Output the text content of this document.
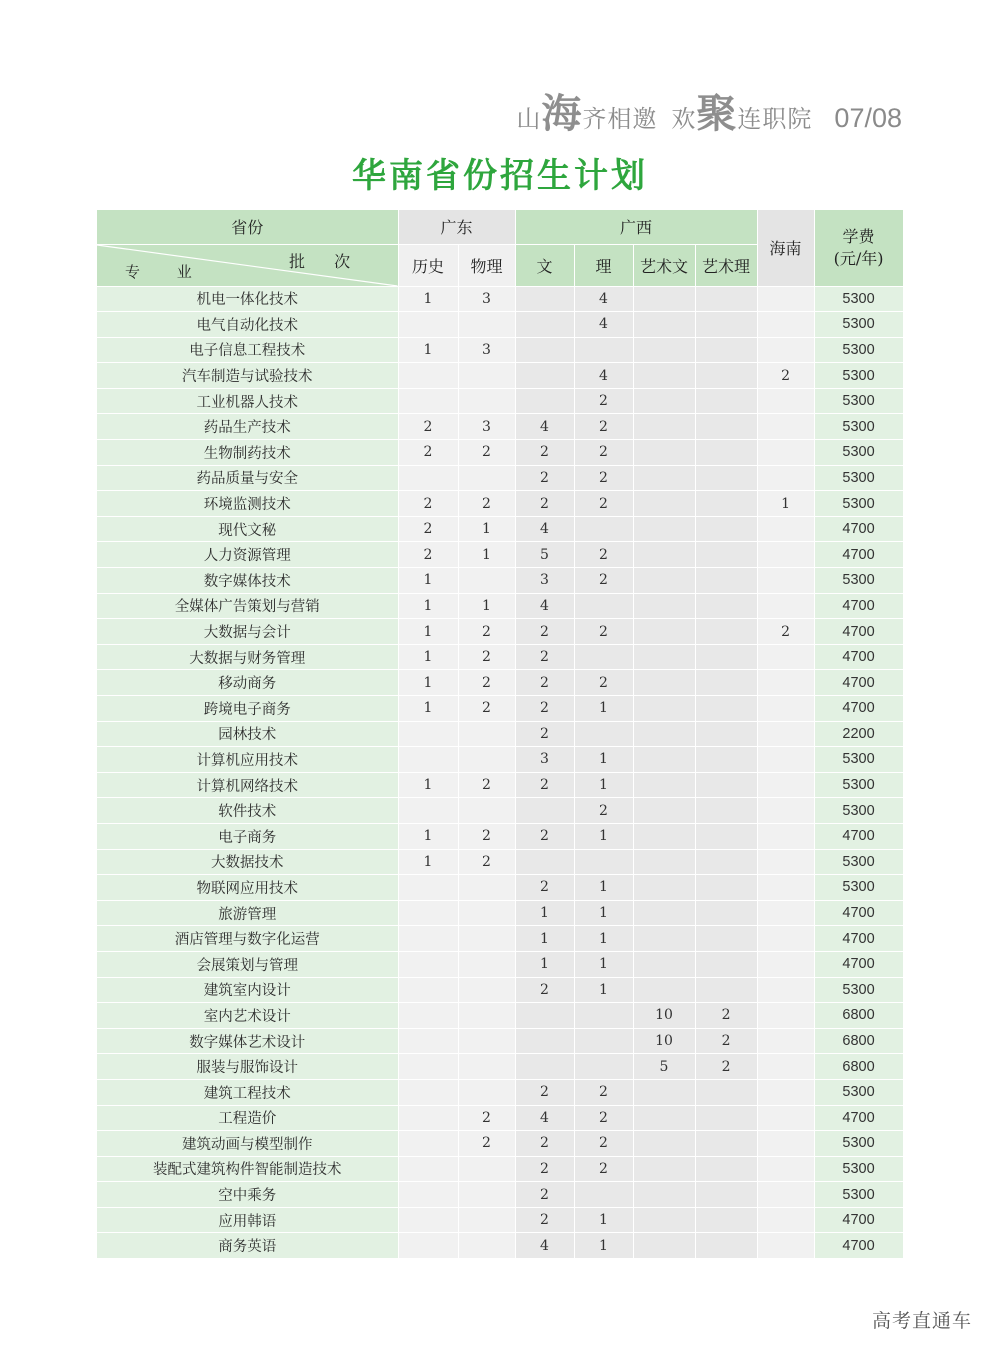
山 海 齐相邀 欢 聚 连职院 07/08
华南省份招生计划
省份	广东		广西				海南	学费
(元/年)

批 次
专 业	历史	物理	文	理	艺术文	艺术理		
机电一体化技术	1	3		4				5300
电气自动化技术				4				5300
电子信息工程技术	1	3						5300
汽车制造与试验技术				4			2	5300
工业机器人技术				2				5300
药品生产技术	2	3	4	2				5300
生物制药技术	2	2	2	2				5300
药品质量与安全			2	2				5300
环境监测技术	2	2	2	2			1	5300
现代文秘	2	1	4					4700
人力资源管理	2	1	5	2				4700
数字媒体技术	1		3	2				5300
全媒体广告策划与营销	1	1	4					4700
大数据与会计	1	2	2	2			2	4700
大数据与财务管理	1	2	2					4700
移动商务	1	2	2	2				4700
跨境电子商务	1	2	2	1				4700
园林技术			2					2200
计算机应用技术			3	1				5300
计算机网络技术	1	2	2	1				5300
软件技术				2				5300
电子商务	1	2	2	1				4700
大数据技术	1	2						5300
物联网应用技术			2	1				5300
旅游管理			1	1				4700
酒店管理与数字化运营			1	1				4700
会展策划与管理			1	1				4700
建筑室内设计			2	1				5300
室内艺术设计					10	2		6800
数字媒体艺术设计					10	2		6800
服装与服饰设计					5	2		6800
建筑工程技术			2	2				5300
工程造价		2	4	2				4700
建筑动画与模型制作		2	2	2				5300
装配式建筑构件智能制造技术			2	2				5300
空中乘务			2					5300
应用韩语			2	1				4700
商务英语			4	1				4700
高考直通车
